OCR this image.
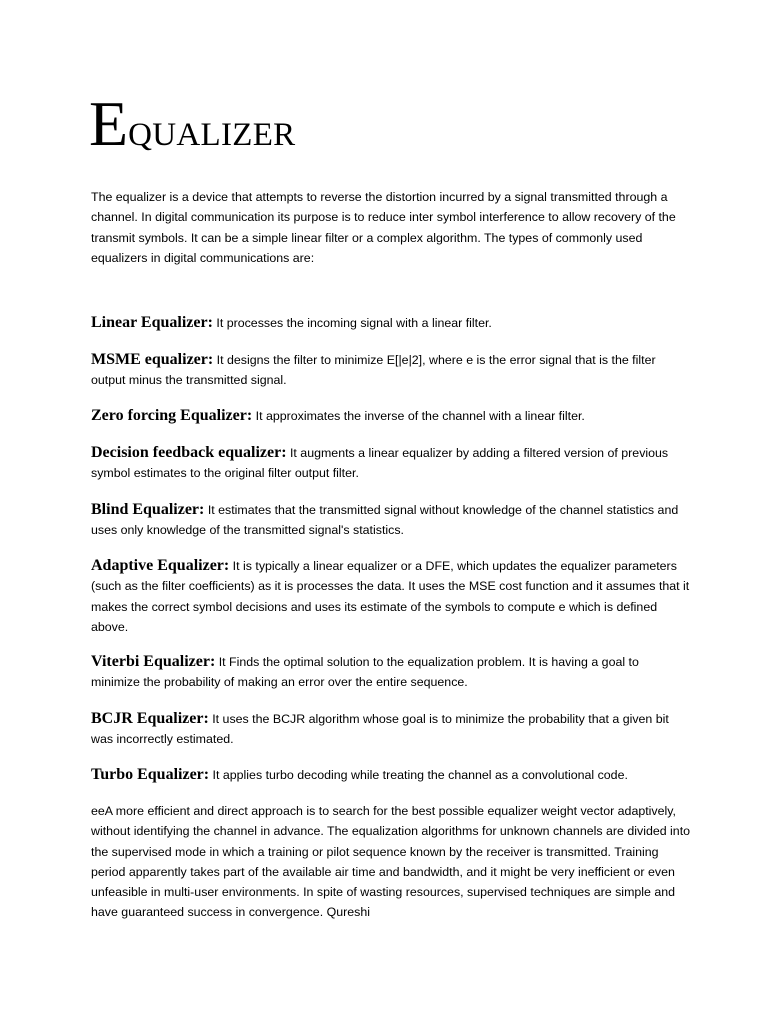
EQUALIZER

The equalizer is a device that attempts to reverse the distortion incurred by a signal transmitted through a channel. In digital communication its purpose is to reduce inter symbol interference to allow recovery of the transmit symbols. It can be a simple linear filter or a complex algorithm. The types of commonly used equalizers in digital communications are:

Linear Equalizer: It processes the incoming signal with a linear filter.

MSME equalizer: It designs the filter to minimize E[|e|2], where e is the error signal that is the filter output minus the transmitted signal.

Zero forcing Equalizer: It approximates the inverse of the channel with a linear filter.

Decision feedback equalizer: It augments a linear equalizer by adding a filtered version of previous symbol estimates to the original filter output filter.

Blind Equalizer: It estimates that the transmitted signal without knowledge of the channel statistics and uses only knowledge of the transmitted signal's statistics.

Adaptive Equalizer: It is typically a linear equalizer or a DFE, which updates the equalizer parameters (such as the filter coefficients) as it is processes the data. It uses the MSE cost function and it assumes that it makes the correct symbol decisions and uses its estimate of the symbols to compute e which is defined above.

Viterbi Equalizer: It Finds the optimal solution to the equalization problem. It is having a goal to minimize the probability of making an error over the entire sequence.

BCJR Equalizer: It uses the BCJR algorithm whose goal is to minimize the probability that a given bit was incorrectly estimated.

Turbo Equalizer: It applies turbo decoding while treating the channel as a convolutional code.

eeA more efficient and direct approach is to search for the best possible equalizer weight vector adaptively, without identifying the channel in advance. The equalization algorithms for unknown channels are divided into the supervised mode in which a training or pilot sequence known by the receiver is transmitted. Training period apparently takes part of the available air time and bandwidth, and it might be very inefficient or even unfeasible in multi-user environments. In spite of wasting resources, supervised techniques are simple and have guaranteed success in convergence. Qureshi
